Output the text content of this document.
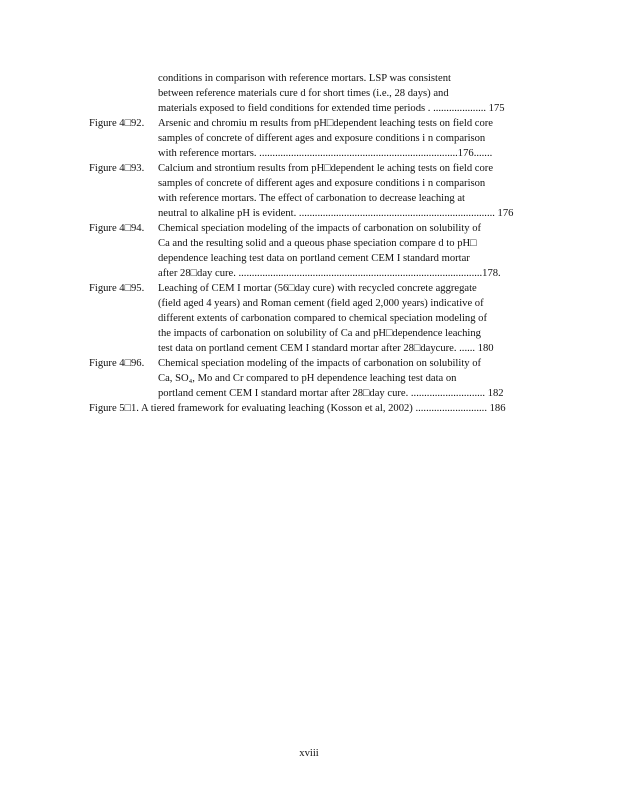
conditions in comparison with reference mortars. LSP was consistent
between reference materials cure d for short times (i.e., 28 days) and
materials exposed to field conditions for extended time periods . .................... 175
Figure 4□92. Arsenic and chromiu m results from pH□dependent leaching tests on field core
samples of concrete of different ages and exposure conditions i n comparison
with reference mortars. ...........................................................................176.......
Figure 4□93. Calcium and strontium results from pH□dependent le aching tests on field core
samples of concrete of different ages and exposure conditions i n comparison
with reference mortars. The effect of carbonation to decrease leaching at
neutral to alkaline pH is evident. .......................................................................... 176
Figure 4□94. Chemical speciation modeling of the impacts of carbonation on solubility of
Ca and the resulting solid and a queous phase speciation compare d to pH□
dependence leaching test data on portland cement CEM I standard mortar
after 28□day cure. ............................................................................................178.
Figure 4□95. Leaching of CEM I mortar (56□day cure) with recycled concrete aggregate
(field aged 4 years) and Roman cement (field aged 2,000 years) indicative of
different extents of carbonation compared to chemical speciation modeling of
the impacts of carbonation on solubility of Ca and pH□dependence leaching
test data on portland cement CEM I standard mortar after 28□daycure. ...... 180
Figure 4□96. Chemical speciation modeling of the impacts of carbonation on solubility of
Ca, SO₄, Mo and Cr compared to pH dependence leaching test data on
portland cement CEM I standard mortar after 28□day cure. ............................ 182
Figure 5□1. A tiered framework for evaluating leaching (Kosson et al, 2002) ........................... 186
xviii
